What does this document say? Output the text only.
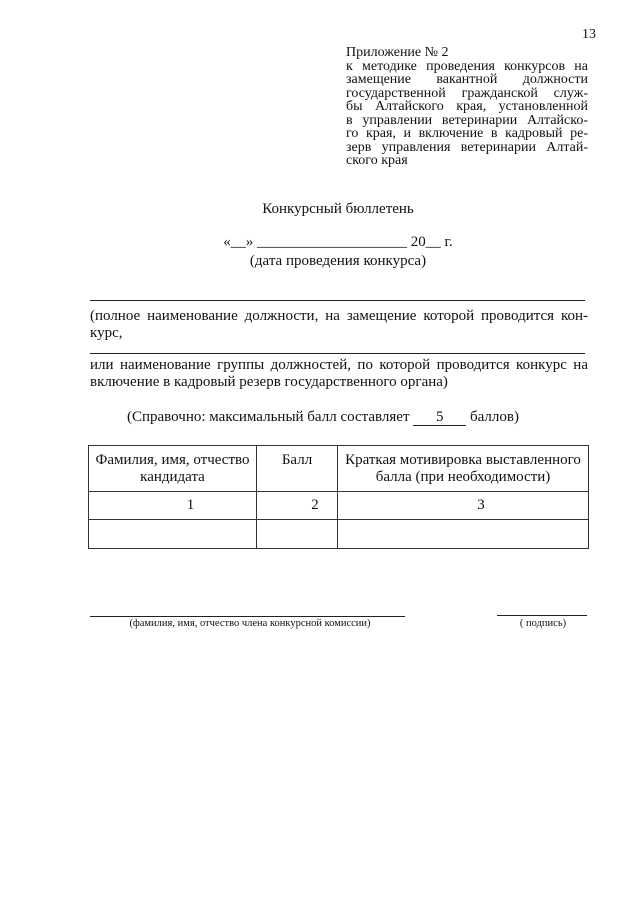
13
Приложение № 2
к методике проведения конкурсов на
замещение вакантной должности
государственной гражданской служ-
бы Алтайского края, установленной
в управлении ветеринарии Алтайско-
го края, и включение в кадровый ре-
зерв управления ветеринарии Алтай-
ского края
Конкурсный бюллетень
«__» ____________________ 20__ г.
(дата проведения конкурса)
(полное наименование должности, на замещение которой проводится кон-
курс,
или наименование группы должностей, по которой проводится конкурс на
включение в кадровый резерв государственного органа)
(Справочно: максимальный балл составляет 5 баллов)
Фамилия, имя, отчество
кандидата	Балл	Краткая мотивировка выставленного
балла (при необходимости)

1	2	3

(фамилия, имя, отчество члена конкурсной комиссии)	( подпись)
